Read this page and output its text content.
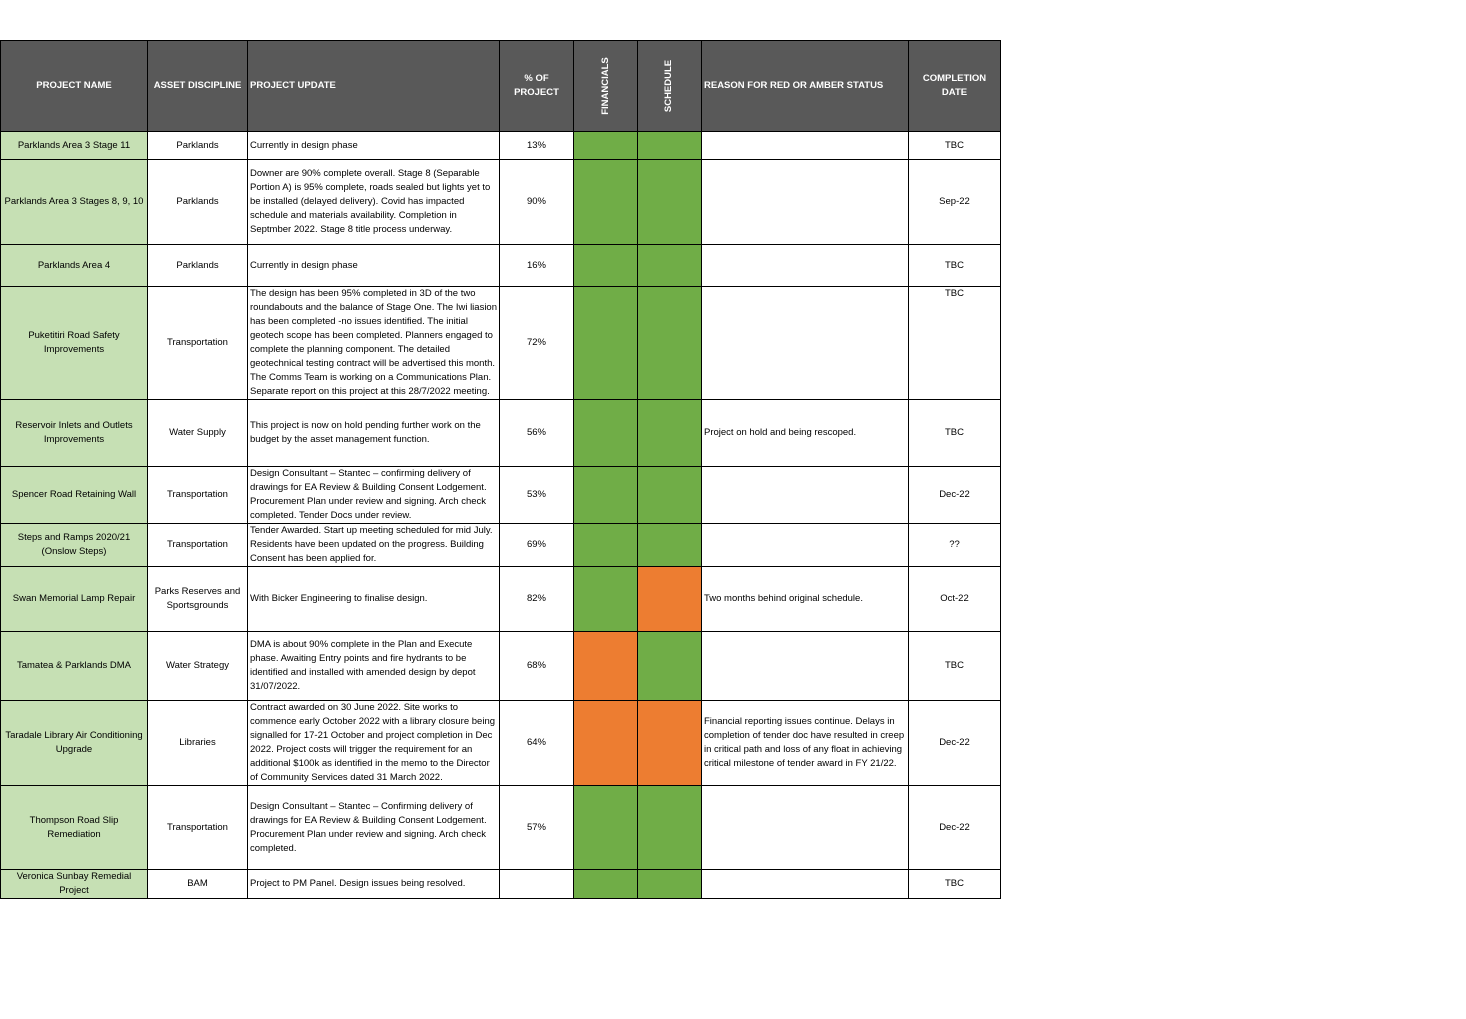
PROJECT NAME	ASSET DISCIPLINE	PROJECT UPDATE	% OF PROJECT	FINANCIALS	SCHEDULE	REASON FOR RED OR AMBER STATUS	COMPLETION DATE
Parklands Area 3 Stage 11	Parklands	Currently in design phase	13%				TBC
Parklands Area 3 Stages 8, 9, 10	Parklands	Downer are 90% complete overall. Stage 8 (Separable Portion A) is 95% complete, roads sealed but lights yet to be installed (delayed delivery). Covid has impacted schedule and materials availability. Completion in Septmber 2022. Stage 8 title process underway.	90%				Sep-22
Parklands Area 4	Parklands	Currently in design phase	16%				TBC
Puketitiri Road Safety Improvements	Transportation	The design has been 95% completed in 3D of the two roundabouts and the balance of Stage One. The Iwi liasion has been completed -no issues identified. The initial geotech scope has been completed. Planners engaged to complete the planning component. The detailed geotechnical testing contract will be advertised this month. The Comms Team is working on a Communications Plan. Separate report on this project at this 28/7/2022 meeting.	72%				TBC
Reservoir Inlets and Outlets Improvements	Water Supply	This project is now on hold pending further work on the budget by the asset management function.	56%			Project on hold and being rescoped.	TBC
Spencer Road Retaining Wall	Transportation	Design Consultant – Stantec – confirming delivery of drawings for EA Review & Building Consent Lodgement. Procurement Plan under review and signing. Arch check completed. Tender Docs under review.	53%				Dec-22
Steps and Ramps 2020/21 (Onslow Steps)	Transportation	Tender Awarded. Start up meeting scheduled for mid July. Residents have been updated on the progress. Building Consent has been applied for.	69%				??
Swan Memorial Lamp Repair	Parks Reserves and Sportsgrounds	With Bicker Engineering to finalise design.	82%			Two months behind original schedule.	Oct-22
Tamatea & Parklands DMA	Water Strategy	DMA is about 90% complete in the Plan and Execute phase. Awaiting Entry points and fire hydrants to be identified and installed with amended design by depot 31/07/2022.	68%				TBC
Taradale Library Air Conditioning Upgrade	Libraries	Contract awarded on 30 June 2022. Site works to commence early October 2022 with a library closure being signalled for 17-21 October and project completion in Dec 2022. Project costs will trigger the requirement for an additional $100k as identified in the memo to the Director of Community Services dated 31 March 2022.	64%			Financial reporting issues continue. Delays in completion of tender doc have resulted in creep in critical path and loss of any float in achieving critical milestone of tender award in FY 21/22.	Dec-22
Thompson Road Slip Remediation	Transportation	Design Consultant – Stantec – Confirming delivery of drawings for EA Review & Building Consent Lodgement. Procurement Plan under review and signing. Arch check completed.	57%				Dec-22
Veronica Sunbay Remedial Project	BAM	Project to PM Panel. Design issues being resolved.					TBC
